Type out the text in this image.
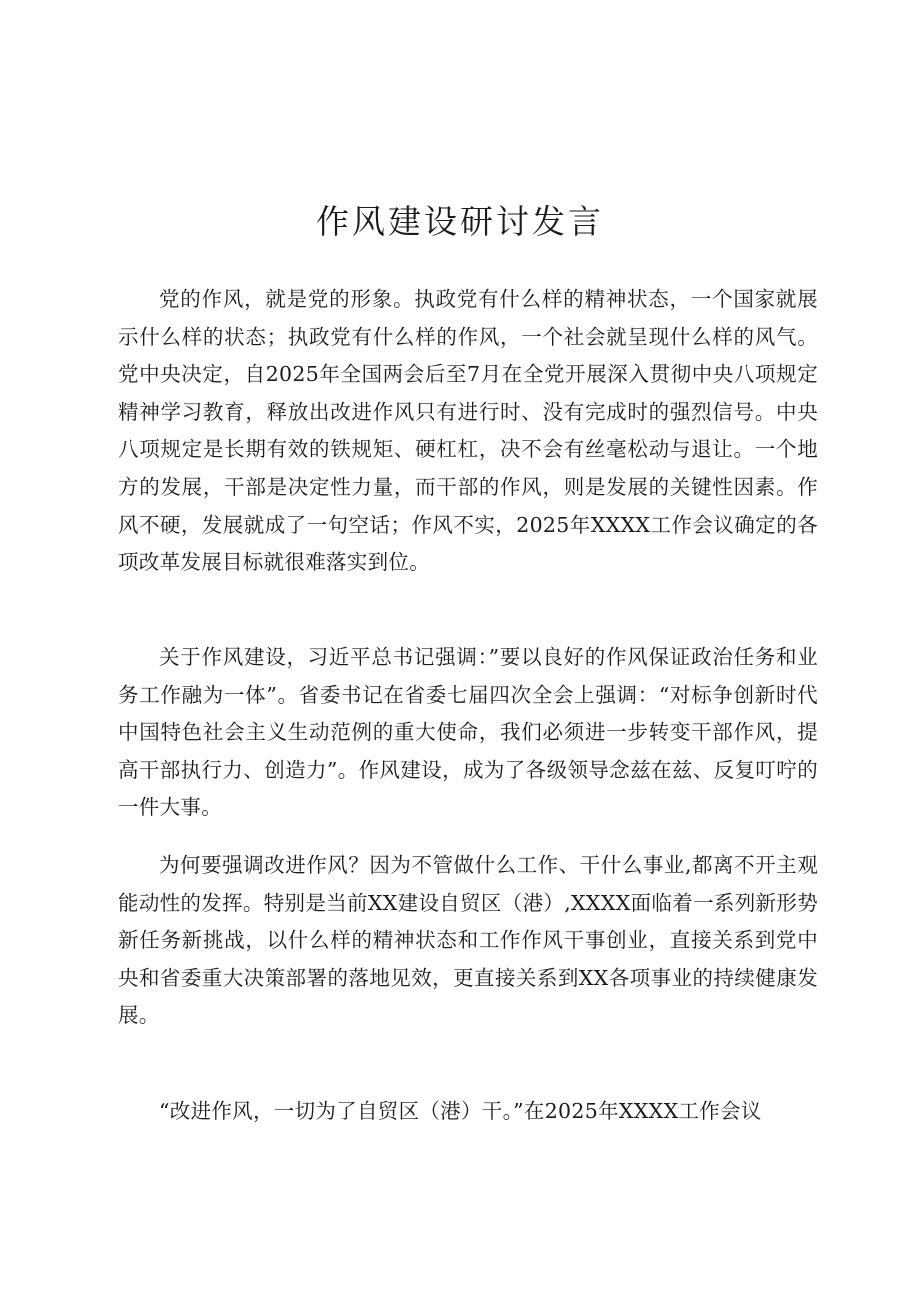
作风建设研讨发言

党的作风，就是党的形象。执政党有什么样的精神状态，一个国家就展示什么样的状态；执政党有什么样的作风，一个社会就呈现什么样的风气。党中央决定，自2025年全国两会后至7月在全党开展深入贯彻中央八项规定精神学习教育，释放出改进作风只有进行时、没有完成时的强烈信号。中央八项规定是长期有效的铁规矩、硬杠杠，决不会有丝毫松动与退让。一个地方的发展，干部是决定性力量，而干部的作风，则是发展的关键性因素。作风不硬，发展就成了一句空话；作风不实，2025年XXXX工作会议确定的各项改革发展目标就很难落实到位。

关于作风建设，习近平总书记强调：”要以良好的作风保证政治任务和业务工作融为一体”。省委书记在省委七届四次全会上强调：“对标争创新时代中国特色社会主义生动范例的重大使命，我们必须进一步转变干部作风，提高干部执行力、创造力”。作风建设，成为了各级领导念兹在兹、反复叮咛的一件大事。

为何要强调改进作风？因为不管做什么工作、干什么事业,都离不开主观能动性的发挥。特别是当前XX建设自贸区（港）,XXXX面临着一系列新形势新任务新挑战，以什么样的精神状态和工作作风干事创业，直接关系到党中央和省委重大决策部署的落地见效，更直接关系到XX各项事业的持续健康发展。

“改进作风，一切为了自贸区（港）干。”在2025年XXXX工作会议
